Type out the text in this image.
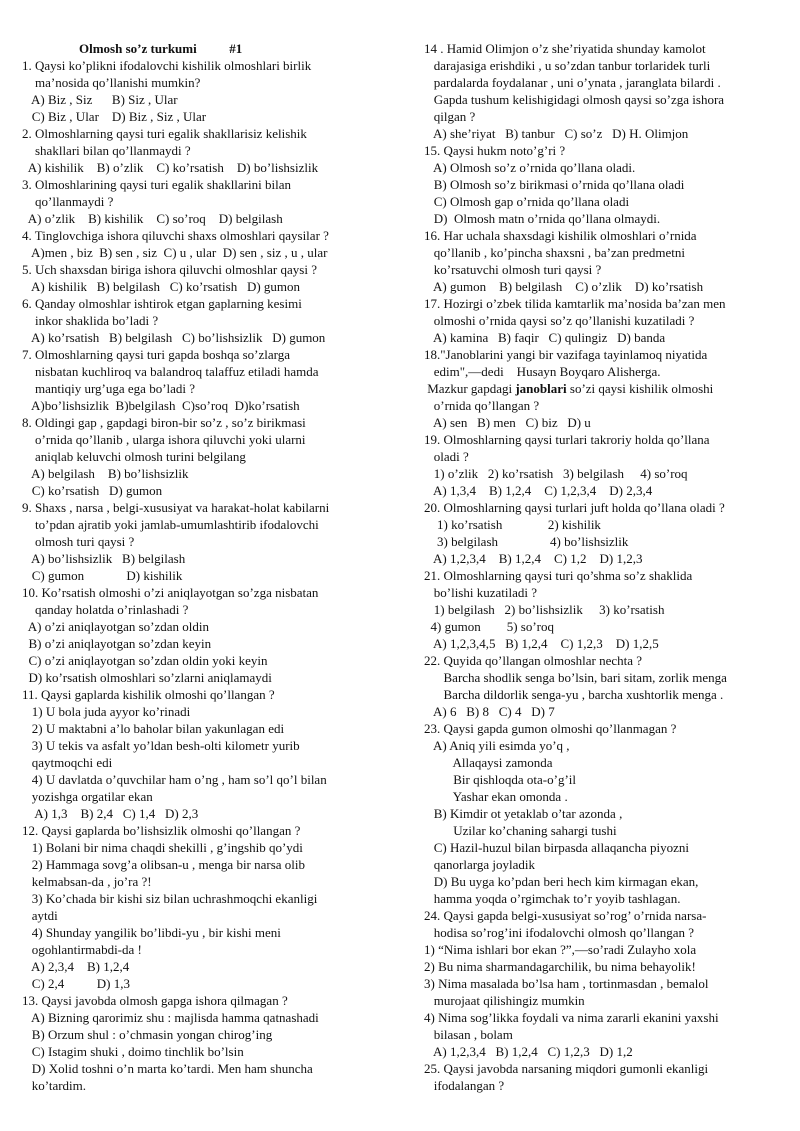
Olmosh so’z turkumi          #1
1. Qaysi ko’plikni ifodalovchi kishilik olmoshlari birlik
ma’nosida qo’llanishi mumkin?
A) Biz , Siz      B) Siz , Ular
C) Biz , Ular    D) Biz , Siz , Ular
2. Olmoshlarning qaysi turi egalik shakllarisiz kelishik
shakllari bilan qo’llanmaydi ?
A) kishilik    B) o’zlik    C) ko’rsatish    D) bo’lishsizlik
3. Olmoshlarining qaysi turi egalik shakllarini bilan
qo’llanmaydi ?
A) o’zlik    B) kishilik    C) so’roq    D) belgilash
4. Tinglovchiga ishora qiluvchi shaxs olmoshlari qaysilar ?
A)men , biz  B) sen , siz  C) u , ular  D) sen , siz , u , ular
5. Uch shaxsdan biriga ishora qiluvchi olmoshlar qaysi ?
A) kishilik   B) belgilash   C) ko’rsatish   D) gumon
6. Qanday olmoshlar ishtirok etgan gaplarning kesimi
inkor shaklida bo’ladi ?
A) ko’rsatish   B) belgilash   C) bo’lishsizlik   D) gumon
7. Olmoshlarning qaysi turi gapda boshqa so’zlarga
nisbatan kuchliroq va balandroq talaffuz etiladi hamda
mantiqiy urg’uga ega bo’ladi ?
A)bo’lishsizlik  B)belgilash  C)so’roq  D)ko’rsatish
8. Oldingi gap , gapdagi biron-bir so’z , so’z birikmasi
o’rnida qo’llanib , ularga ishora qiluvchi yoki ularni
aniqlab keluvchi olmosh turini belgilang
A) belgilash    B) bo’lishsizlik
C) ko’rsatish   D) gumon
9. Shaxs , narsa , belgi-xususiyat va harakat-holat kabilarni
to’pdan ajratib yoki jamlab-umumlashtirib ifodalovchi
olmosh turi qaysi ?
A) bo’lishsizlik   B) belgilash
C) gumon             D) kishilik
10. Ko’rsatish olmoshi o’zi aniqlayotgan so’zga nisbatan
qanday holatda o’rinlashadi ?
A) o’zi aniqlayotgan so’zdan oldin
B) o’zi aniqlayotgan so’zdan keyin
C) o’zi aniqlayotgan so’zdan oldin yoki keyin
D) ko’rsatish olmoshlari so’zlarni aniqlamaydi
11. Qaysi gaplarda kishilik olmoshi qo’llangan ?
1) U bola juda ayyor ko’rinadi
2) U maktabni a’lo baholar bilan yakunlagan edi
3) U tekis va asfalt yo’ldan besh-olti kilometr yurib
qaytmoqchi edi
4) U davlatda o’quvchilar ham o’ng , ham so’l qo’l bilan
yozishga orgatilar ekan
A) 1,3    B) 2,4   C) 1,4   D) 2,3
12. Qaysi gaplarda bo’lishsizlik olmoshi qo’llangan ?
1) Bolani bir nima chaqdi shekilli , g’ingshib qo’ydi
2) Hammaga sovg’a olibsan-u , menga bir narsa olib
kelmabsan-da , jo’ra ?!
3) Ko’chada bir kishi siz bilan uchrashmoqchi ekanligi
aytdi
4) Shunday yangilik bo’libdi-yu , bir kishi meni
ogohlantirmabdi-da !
A) 2,3,4    B) 1,2,4
C) 2,4          D) 1,3
13. Qaysi javobda olmosh gapga ishora qilmagan ?
A) Bizning qarorimiz shu : majlisda hamma qatnashadi
B) Orzum shul : o’chmasin yongan chirog’ing
C) Istagim shuki , doimo tinchlik bo’lsin
D) Xolid toshni o’n marta ko’tardi. Men ham shuncha
ko’tardim.
14 . Hamid Olimjon o’z she’riyatida shunday kamolot
darajasiga erishdiki , u so’zdan tanbur torlaridek turli
pardalarda foydalanar , uni o’ynata , jaranglata bilardi .
Gapda tushum kelishigidagi olmosh qaysi so’zga ishora
qilgan ?
A) she’riyat   B) tanbur   C) so’z   D) H. Olimjon
15. Qaysi hukm noto’g’ri ?
A) Olmosh so’z o’rnida qo’llana oladi.
B) Olmosh so’z birikmasi o’rnida qo’llana oladi
C) Olmosh gap o’rnida qo’llana oladi
D)  Olmosh matn o’rnida qo’llana olmaydi.
16. Har uchala shaxsdagi kishilik olmoshlari o’rnida
qo’llanib , ko’pincha shaxsni , ba’zan predmetni
ko’rsatuvchi olmosh turi qaysi ?
A) gumon    B) belgilash    C) o’zlik    D) ko’rsatish
17. Hozirgi o’zbek tilida kamtarlik ma’nosida ba’zan men
olmoshi o’rnida qaysi so’z qo’llanishi kuzatiladi ?
A) kamina   B) faqir   C) qulingiz   D) banda
18."Janoblarini yangi bir vazifaga tayinlamoq niyatida
edim",—dedi    Husayn Boyqaro Alisherga.
Mazkur gapdagi janoblari so’zi qaysi kishilik olmoshi
o’rnida qo’llangan ?
A) sen   B) men   C) biz   D) u
19. Olmoshlarning qaysi turlari takroriy holda qo’llana
oladi ?
1) o’zlik   2) ko’rsatish   3) belgilash     4) so’roq
A) 1,3,4    B) 1,2,4    C) 1,2,3,4    D) 2,3,4
20. Olmoshlarning qaysi turlari juft holda qo’llana oladi ?
1) ko’rsatish              2) kishilik
3) belgilash                4) bo’lishsizlik
A) 1,2,3,4    B) 1,2,4    C) 1,2    D) 1,2,3
21. Olmoshlarning qaysi turi qo’shma so’z shaklida
bo’lishi kuzatiladi ?
1) belgilash   2) bo’lishsizlik     3) ko’rsatish
4) gumon        5) so’roq
A) 1,2,3,4,5   B) 1,2,4    C) 1,2,3    D) 1,2,5
22. Quyida qo’llangan olmoshlar nechta ?
Barcha shodlik senga bo’lsin, bari sitam, zorlik menga
Barcha dildorlik senga-yu , barcha xushtorlik menga .
A) 6   B) 8   C) 4   D) 7
23. Qaysi gapda gumon olmoshi qo’llanmagan ?
A) Aniq yili esimda yo’q ,
Allaqaysi zamonda
Bir qishloqda ota-o’g’il
Yashar ekan omonda .
B) Kimdir ot yetaklab o’tar azonda ,
Uzilar ko’chaning sahargi tushi
C) Hazil-huzul bilan birpasda allaqancha piyozni
qanorlarga joyladik
D) Bu uyga ko’pdan beri hech kim kirmagan ekan,
hamma yoqda o’rgimchak to’r yoyib tashlagan.
24. Qaysi gapda belgi-xususiyat so’rog’ o’rnida narsa-
hodisa so’rog’ini ifodalovchi olmosh qo’llangan ?
1) “Nima ishlari bor ekan ?”,—so’radi Zulayho xola
2) Bu nima sharmandagarchilik, bu nima behayolik!
3) Nima masalada bo’lsa ham , tortinmasdan , bemalol
murojaat qilishingiz mumkin
4) Nima sog’likka foydali va nima zararli ekanini yaxshi
bilasan , bolam
A) 1,2,3,4   B) 1,2,4   C) 1,2,3   D) 1,2
25. Qaysi javobda narsaning miqdori gumonli ekanligi
ifodalangan ?
